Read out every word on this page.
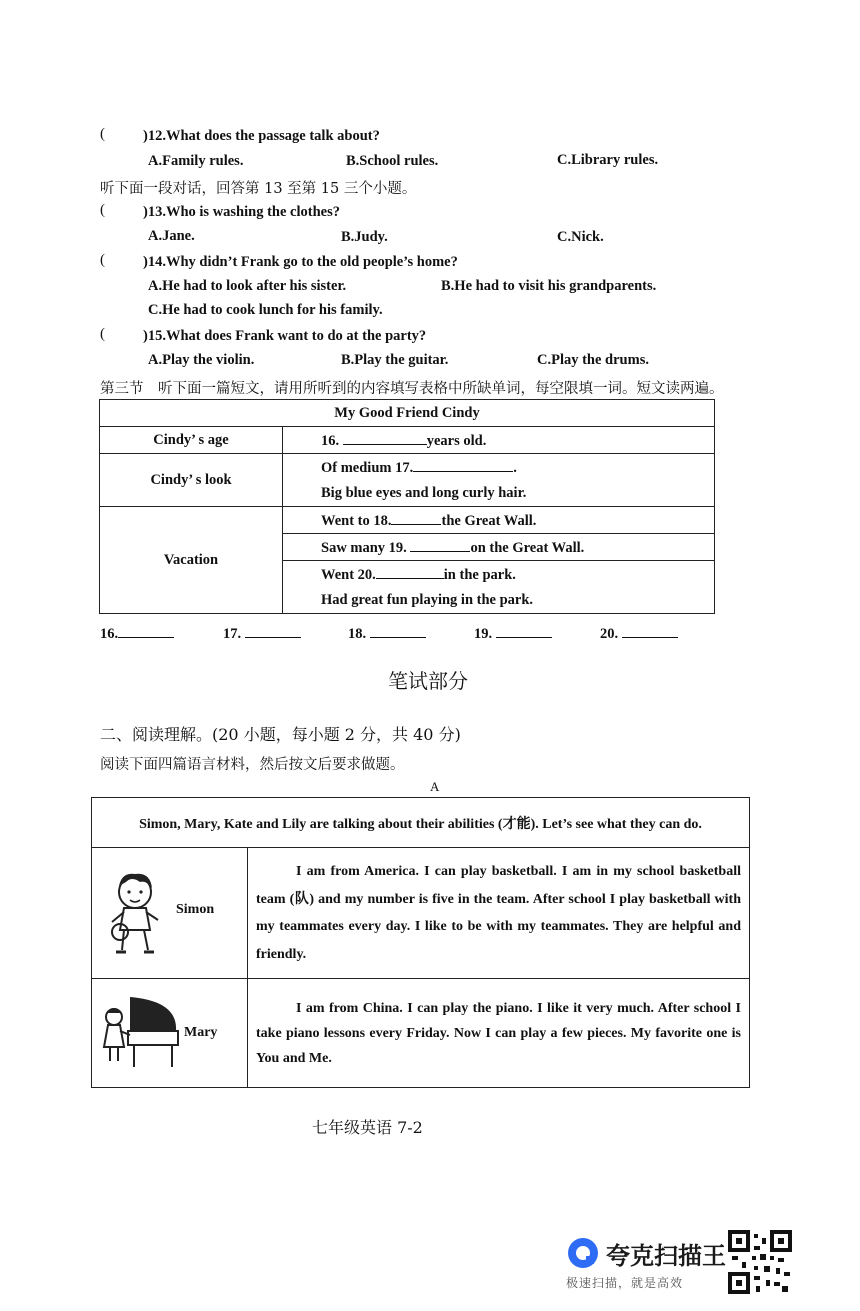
(	)12.What does the passage talk about?
A.Family rules.	B.School rules.	C.Library rules.
听下面一段对话，回答第 13 至第 15 三个小题。
(	)13.Who is washing the clothes?
A.Jane.	B.Judy.	C.Nick.
(	)14.Why didn’t Frank go to the old people’s home?
A.He had to look after his sister.	B.He had to visit his grandparents.
C.He had to cook lunch for his family.
(	)15.What does Frank want to do at the party?
A.Play the violin.	B.Play the guitar.	C.Play the drums.
第三节　听下面一篇短文，请用所听到的内容填写表格中所缺单词，每空限填一词。短文读两遍。
My Good Friend Cindy	
Cindy’ s age	16. years old.
Cindy’ s look	Of medium 17. .
	Big blue eyes and long curly hair.
Vacation	Went to 18. the Great Wall.
	Saw many 19. on the Great Wall.
	Went 20. in the park.
	Had great fun playing in the park.
16.	17.	18.	19.	20.
笔试部分
二、阅读理解。(20 小题，每小题 2 分，共 40 分)
阅读下面四篇语言材料，然后按文后要求做题。
A
Simon, Mary, Kate and Lily are talking about their abilities (才能). Let’s see what they can do.	

Simon	I am from America. I can play basketball. I am in my school basketball team (队) and my number is five in the team. After school I play basketball with my teammates every day. I like to be with my teammates. They are helpful and friendly.

Mary	I am from China. I can play the piano. I like it very much. After school I take piano lessons every Friday. Now I can play a few pieces. My favorite one is You and Me.
七年级英语 7-2
夸克扫描王
极速扫描，就是高效
